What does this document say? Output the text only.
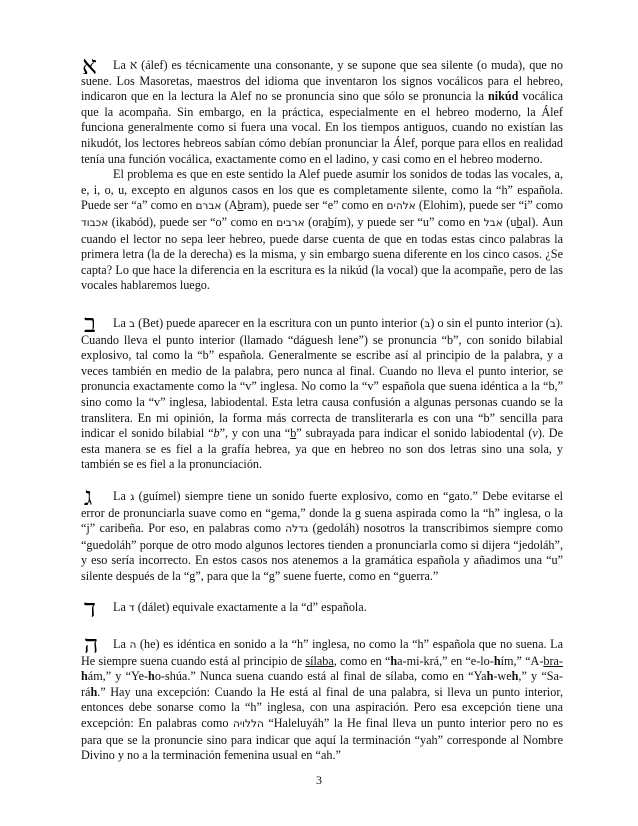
א	La א (álef) es técnicamente una consonante, y se supone que sea silente (o muda), que no suene. Los Masoretas, maestros del idioma que inventaron los signos vocálicos para el hebreo, indicaron que en la lectura la Alef no se pronuncia sino que sólo se pronuncia la nikúd vocálica que la acompaña. Sin embargo, en la práctica, especialmente en el hebreo moderno, la Álef funciona generalmente como si fuera una vocal. En los tiempos antiguos, cuando no existían las nikudót, los lectores hebreos sabían cómo debían pronunciar la Álef, porque para ellos en realidad tenía una función vocálica, exactamente como en el ladino, y casi como en el hebreo moderno.

El problema es que en este sentido la Alef puede asumir los sonidos de todas las vocales, a, e, i, o, u, excepto en algunos casos en los que es completamente silente, como la “h” española. Puede ser “a” como en אברם (Abram), puede ser “e” como en אלהים (Elohim), puede ser “i” como אכבוד (ikabód), puede ser “o” como en ארבים (orabím), y puede ser “u” como en אבל (ubal). Aun cuando el lector no sepa leer hebreo, puede darse cuenta de que en todas estas cinco palabras la primera letra (la de la derecha) es la misma, y sin embargo suena diferente en los cinco casos. ¿Se capta? Lo que hace la diferencia en la escritura es la nikúd (la vocal) que la acompañe, pero de las vocales hablaremos luego.

ב	La ב (Bet) puede aparecer en la escritura con un punto interior (בּ) o sin el punto interior (ב). Cuando lleva el punto interior (llamado “dáguesh lene”) se pronuncia “b”, con sonido bilabial explosivo, tal como la “b” española. Generalmente se escribe así al principio de la palabra, y a veces también en medio de la palabra, pero nunca al final. Cuando no lleva el punto interior, se pronuncia exactamente como la “v” inglesa. No como la “v” española que suena idéntica a la “b,” sino como la “v” inglesa, labiodental. Esta letra causa confusión a algunas personas cuando se la translitera. En mi opinión, la forma más correcta de transliterarla es con una “b” sencilla para indicar el sonido bilabial “b”, y con una “b” subrayada para indicar el sonido labiodental (v). De esta manera se es fiel a la grafía hebrea, ya que en hebreo no son dos letras sino una sola, y también se es fiel a la pronunciación.

ג	La ג (guímel) siempre tiene un sonido fuerte explosivo, como en “gato.” Debe evitarse el error de pronunciarla suave como en “gema,” donde la g suena aspirada como la “h” inglesa, o la “j” caribeña. Por eso, en palabras como גדלה (gedoláh) nosotros la transcribimos siempre como “guedoláh” porque de otro modo algunos lectores tienden a pronunciarla como si dijera “jedoláh”, y eso sería incorrecto. En estos casos nos atenemos a la gramática española y añadimos una “u” silente después de la “g”, para que la “g” suene fuerte, como en “guerra.”

ד	La ד (dálet) equivale exactamente a la “d” española.

ה	La ה (he) es idéntica en sonido a la “h” inglesa, no como la “h” española que no suena. La He siempre suena cuando está al principio de sílaba, como en “ha-mi-krá,” en “e-lo-hím,” “A-bra-hám,” y “Ye-ho-shúa.” Nunca suena cuando está al final de sílaba, como en “Yah-weh,” y “Sa-ráh.” Hay una excepción: Cuando la He está al final de una palabra, si lleva un punto interior, entonces debe sonarse como la “h” inglesa, con una aspiración. Pero esa excepción tiene una excepción: En palabras como הללויה “Haleluyáh” la He final lleva un punto interior pero no es para que se la pronuncie sino para indicar que aquí la terminación “yah” corresponde al Nombre Divino y no a la terminación femenina usual en “ah.”

3
